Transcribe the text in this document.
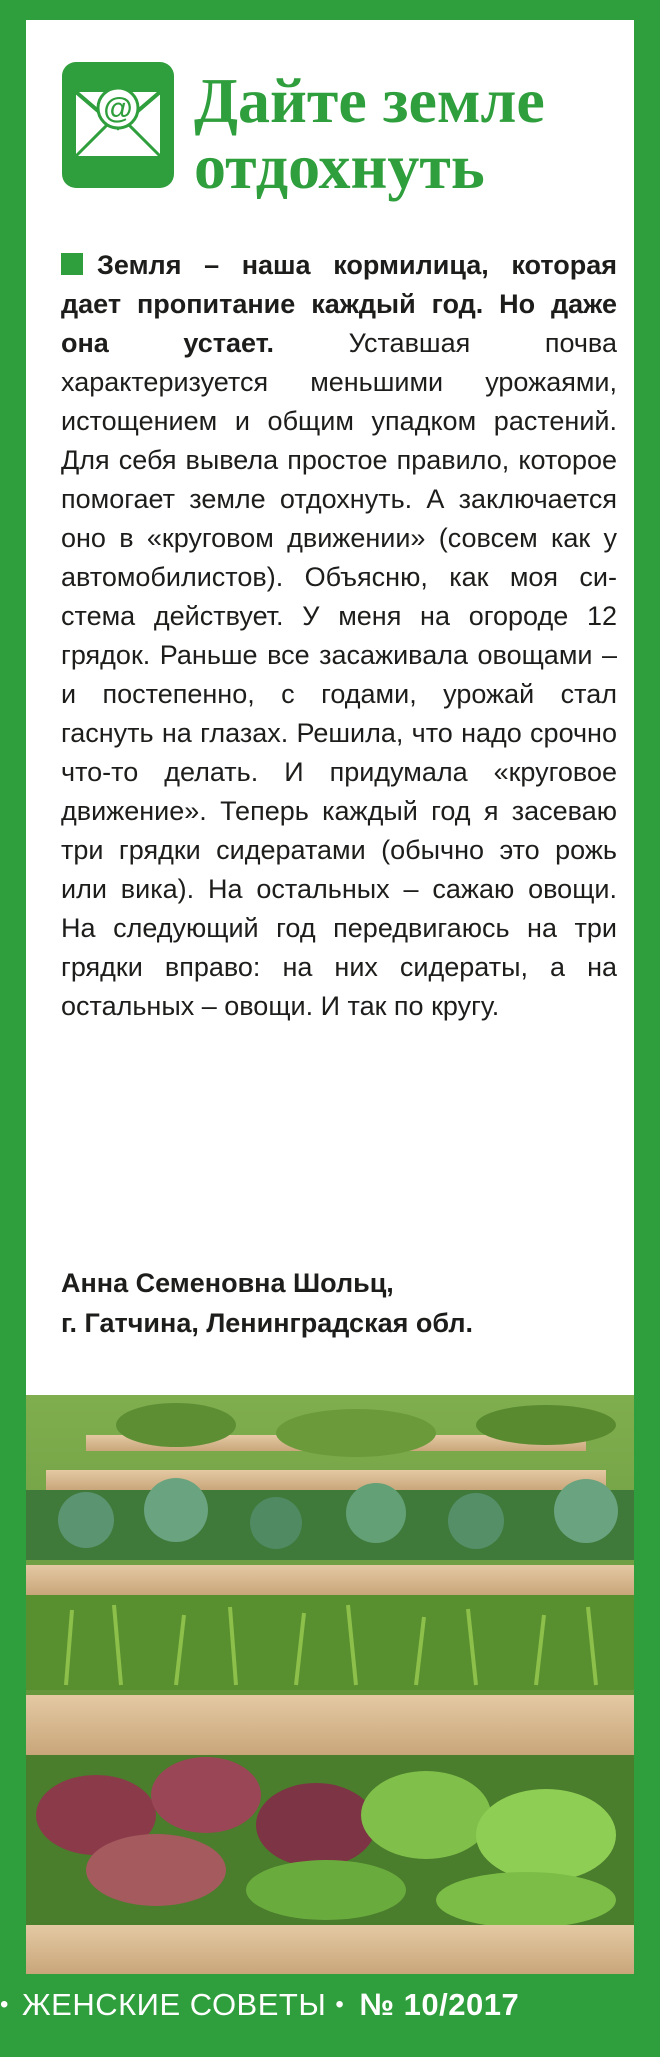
@ Дайте земле
отдохнуть

Земля – наша кормилица, которая дает пропитание каждый год. Но даже она устает. Уставшая почва характеризуется меньшими урожаями, истощением и общим упадком растений. Для себя вывела простое правило, которое помогает земле отдохнуть. А заключается оно в «круговом движении» (совсем как у автомобилистов). Объясню, как моя система действует. У меня на огороде 12 грядок. Раньше все засаживала овощами – и постепенно, с годами, урожай стал гаснуть на глазах. Решила, что надо срочно что-то делать. И придумала «круговое движение». Теперь каждый год я засеваю три грядки сидератами (обычно это рожь или вика). На остальных – сажаю овощи. На следующий год передвигаюсь на три грядки вправо: на них сидераты, а на остальных – овощи. И так по кругу.

Анна Семеновна Шольц,
г. Гатчина, Ленинградская обл.

• ЖЕНСКИЕ СОВЕТЫ • № 10/2017
